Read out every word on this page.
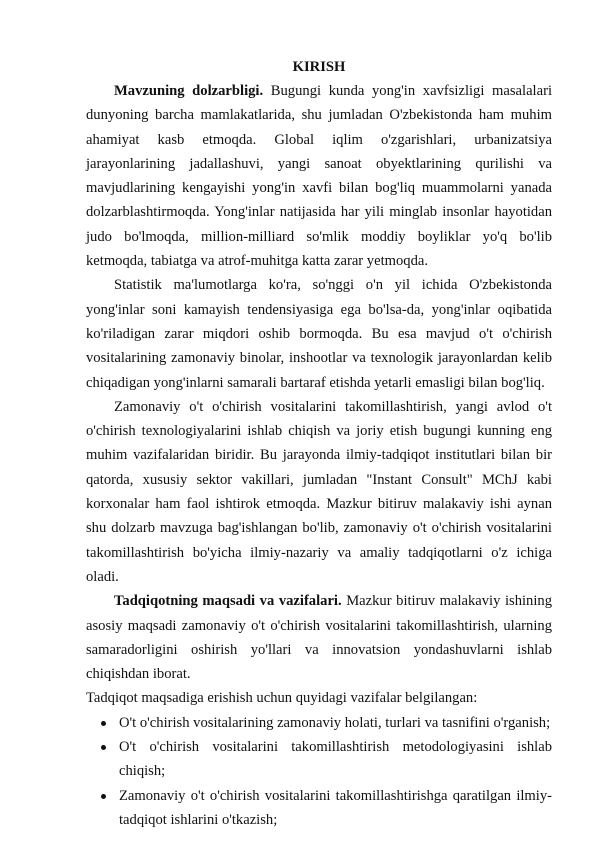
KIRISH

Mavzuning dolzarbligi. Bugungi kunda yong'in xavfsizligi masalalari dunyoning barcha mamlakatlarida, shu jumladan O'zbekistonda ham muhim ahamiyat kasb etmoqda. Global iqlim o'zgarishlari, urbanizatsiya jarayonlarining jadallashuvi, yangi sanoat obyektlarining qurilishi va mavjudlarining kengayishi yong'in xavfi bilan bog'liq muammolarni yanada dolzarblashtirmoqda. Yong'inlar natijasida har yili minglab insonlar hayotidan judo bo'lmoqda, million-milliard so'mlik moddiy boyliklar yo'q bo'lib ketmoqda, tabiatga va atrof-muhitga katta zarar yetmoqda.

Statistik ma'lumotlarga ko'ra, so'nggi o'n yil ichida O'zbekistonda yong'inlar soni kamayish tendensiyasiga ega bo'lsa-da, yong'inlar oqibatida ko'riladigan zarar miqdori oshib bormoqda. Bu esa mavjud o't o'chirish vositalarining zamonaviy binolar, inshootlar va texnologik jarayonlardan kelib chiqadigan yong'inlarni samarali bartaraf etishda yetarli emasligi bilan bog'liq.

Zamonaviy o't o'chirish vositalarini takomillashtirish, yangi avlod o't o'chirish texnologiyalarini ishlab chiqish va joriy etish bugungi kunning eng muhim vazifalaridan biridir. Bu jarayonda ilmiy-tadqiqot institutlari bilan bir qatorda, xususiy sektor vakillari, jumladan "Instant Consult" MChJ kabi korxonalar ham faol ishtirok etmoqda. Mazkur bitiruv malakaviy ishi aynan shu dolzarb mavzuga bag'ishlangan bo'lib, zamonaviy o't o'chirish vositalarini takomillashtirish bo'yicha ilmiy-nazariy va amaliy tadqiqotlarni o'z ichiga oladi.

Tadqiqotning maqsadi va vazifalari. Mazkur bitiruv malakaviy ishining asosiy maqsadi zamonaviy o't o'chirish vositalarini takomillashtirish, ularning samaradorligini oshirish yo'llari va innovatsion yondashuvlarni ishlab chiqishdan iborat.

Tadqiqot maqsadiga erishish uchun quyidagi vazifalar belgilangan:

O't o'chirish vositalarining zamonaviy holati, turlari va tasnifini o'rganish;
O't o'chirish vositalarini takomillashtirish metodologiyasini ishlab chiqish;
Zamonaviy o't o'chirish vositalarini takomillashtirishga qaratilgan ilmiy-tadqiqot ishlarini o'tkazish;
